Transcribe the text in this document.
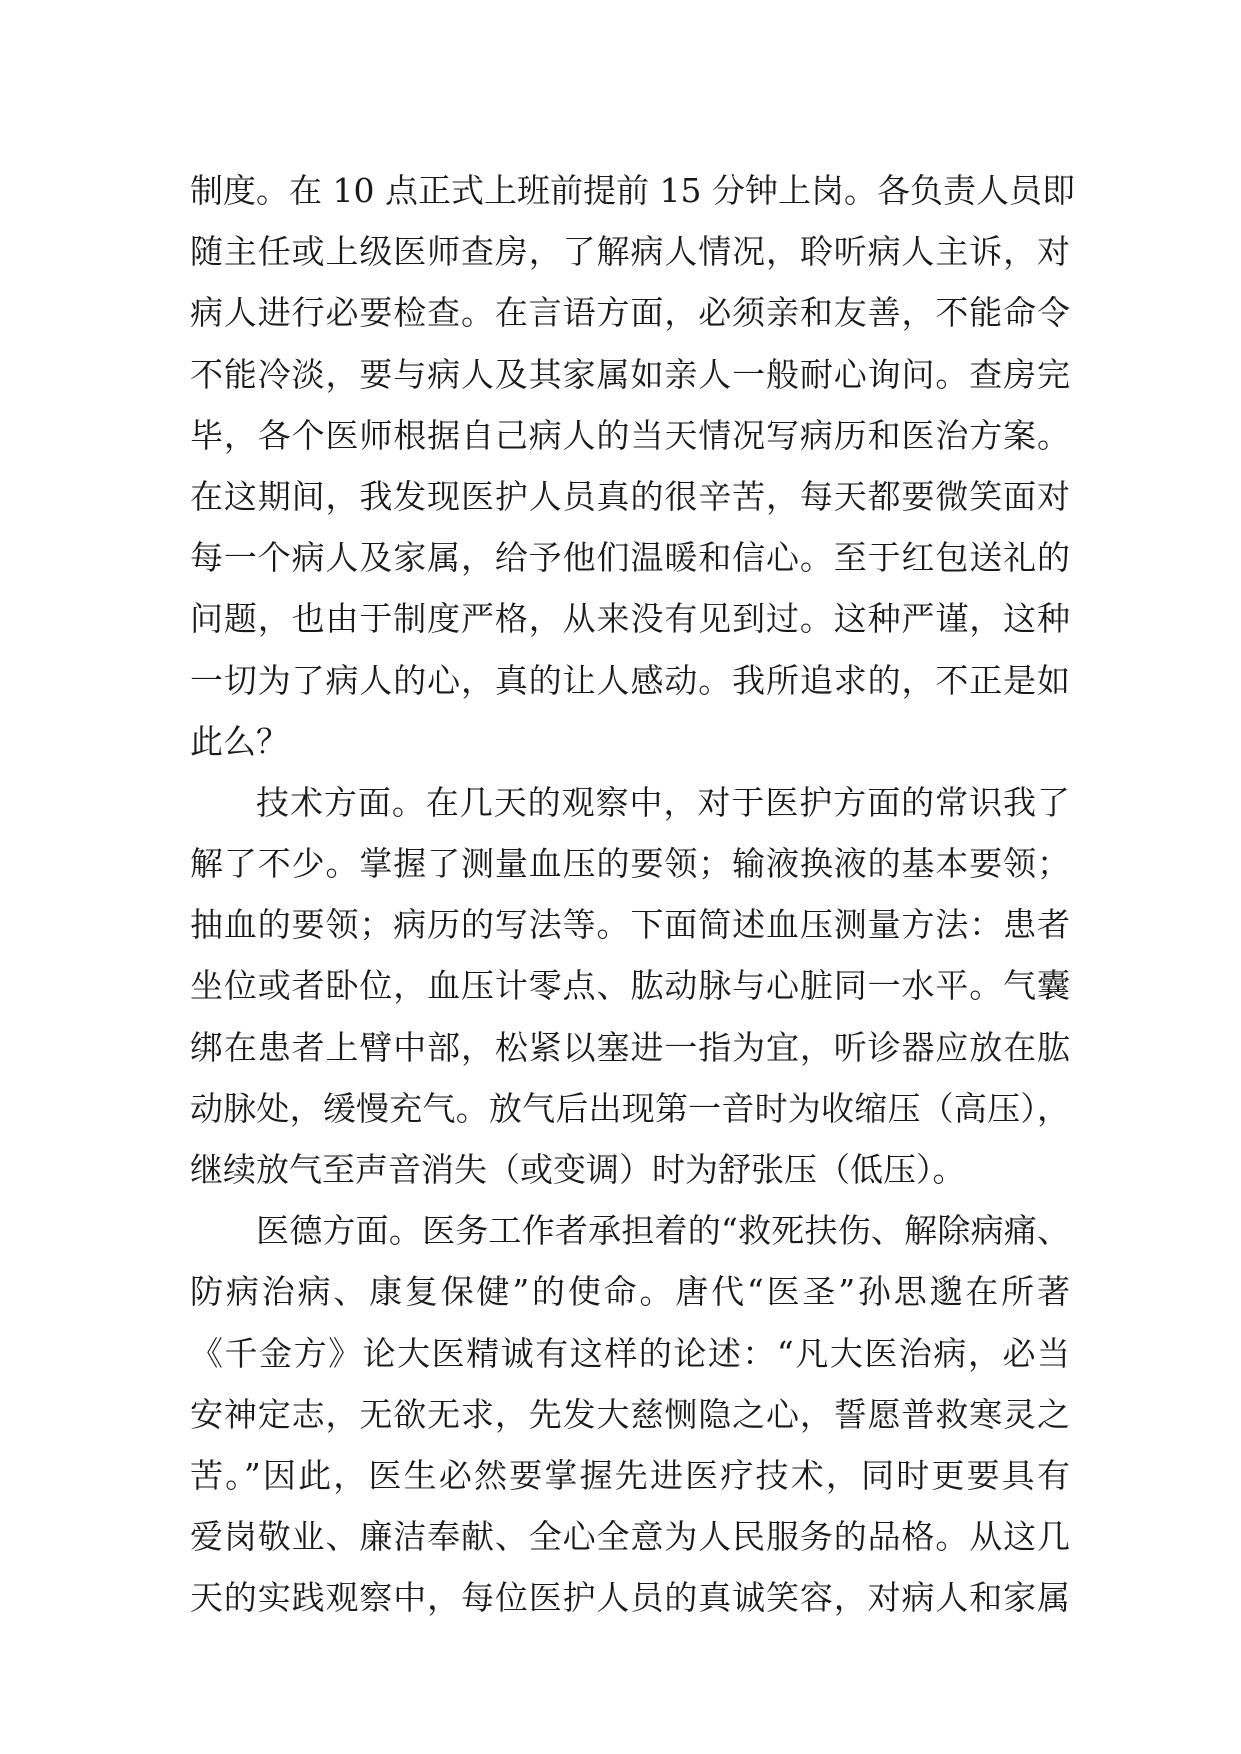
制度。在 10 点正式上班前提前 15 分钟上岗。各负责人员即
随主任或上级医师查房，了解病人情况，聆听病人主诉，对
病人进行必要检查。在言语方面，必须亲和友善，不能命令
不能冷淡，要与病人及其家属如亲人一般耐心询问。查房完
毕，各个医师根据自己病人的当天情况写病历和医治方案。
在这期间，我发现医护人员真的很辛苦，每天都要微笑面对
每一个病人及家属，给予他们温暖和信心。至于红包送礼的
问题，也由于制度严格，从来没有见到过。这种严谨，这种
一切为了病人的心，真的让人感动。我所追求的，不正是如
此么？
技术方面。在几天的观察中，对于医护方面的常识我了
解了不少。掌握了测量血压的要领；输液换液的基本要领；
抽血的要领；病历的写法等。下面简述血压测量方法：患者
坐位或者卧位，血压计零点、肱动脉与心脏同一水平。气囊
绑在患者上臂中部，松紧以塞进一指为宜，听诊器应放在肱
动脉处，缓慢充气。放气后出现第一音时为收缩压（高压），
继续放气至声音消失（或变调）时为舒张压（低压）。
医德方面。医务工作者承担着的“救死扶伤、解除病痛、
防病治病、康复保健”的使命。唐代“医圣”孙思邈在所著
《千金方》论大医精诚有这样的论述：“凡大医治病，必当
安神定志，无欲无求，先发大慈恻隐之心，誓愿普救寒灵之
苦。”因此，医生必然要掌握先进医疗技术，同时更要具有
爱岗敬业、廉洁奉献、全心全意为人民服务的品格。从这几
天的实践观察中，每位医护人员的真诚笑容，对病人和家属
